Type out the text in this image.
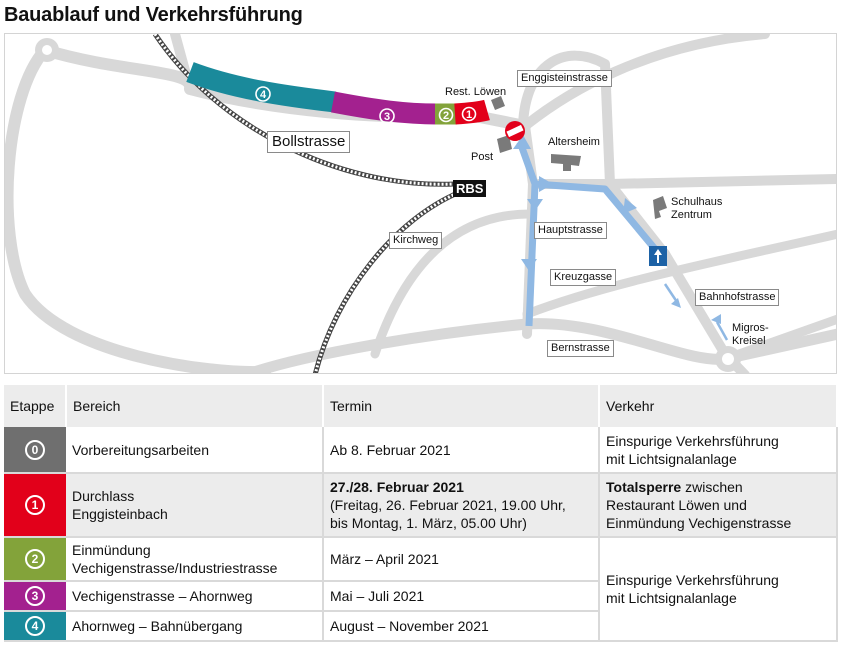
Bauablauf und Verkehrsführung
4
3	2 1
Enggisteinstrasse
Rest. Löwen
Altersheim
Post
Bollstrasse
RBS
Schulhaus
Zentrum
Kirchweg
Hauptstrasse
Kreuzgasse
Bahnhofstrasse
Migros-
Kreisel
Bernstrasse
Etappe	Bereich	Termin	Verkehr
0	Vorbereitungsarbeiten	Ab 8. Februar 2021	Einspurige Verkehrsführung
mit Lichtsignalanlage
1	Durchlass
Enggisteinbach	27./28. Februar 2021
(Freitag, 26. Februar 2021, 19.00 Uhr,
bis Montag, 1. März, 05.00 Uhr)	Totalsperre zwischen
Restaurant Löwen und
Einmündung Vechigenstrasse
2	Einmündung
Vechigenstrasse/Industriestrasse	März – April 2021	Einspurige Verkehrsführung
mit Lichtsignalanlage
3	Vechigenstrasse – Ahornweg	Mai – Juli 2021	
4	Ahornweg – Bahnübergang	August – November 2021	
